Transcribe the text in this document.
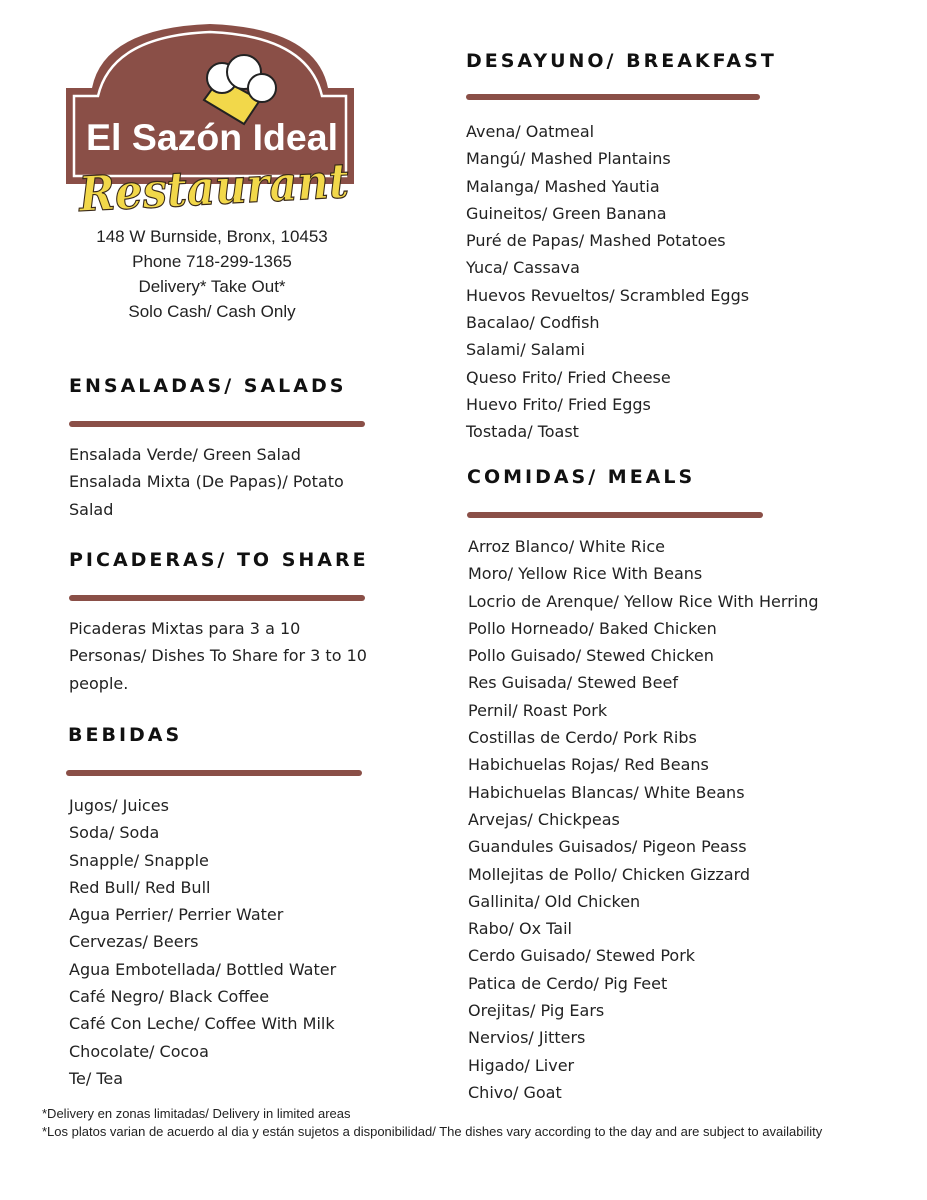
El Sazón Ideal
Restaurant
148 W Burnside, Bronx, 10453
Phone 718-299-1365
Delivery* Take Out*
Solo Cash/ Cash Only
ENSALADAS/ SALADS
Ensalada Verde/ Green Salad
Ensalada Mixta (De Papas)/ Potato Salad
PICADERAS/ TO SHARE

Picaderas Mixtas para 3 a 10 Personas/ Dishes To Share for 3 to 10 people.

BEBIDAS
Jugos/ Juices
Soda/ Soda
Snapple/ Snapple
Red Bull/ Red Bull
Agua Perrier/ Perrier Water
Cervezas/ Beers
Agua Embotellada/ Bottled Water
Café Negro/ Black Coffee
Café Con Leche/ Coffee With Milk
Chocolate/ Cocoa
Te/ Tea
DESAYUNO/ BREAKFAST
Avena/ Oatmeal
Mangú/ Mashed Plantains
Malanga/ Mashed Yautia
Guineitos/ Green Banana
Puré de Papas/ Mashed Potatoes
Yuca/ Cassava
Huevos Revueltos/ Scrambled Eggs
Bacalao/ Codfish
Salami/ Salami
Queso Frito/ Fried Cheese
Huevo Frito/ Fried Eggs
Tostada/ Toast
COMIDAS/ MEALS
Arroz Blanco/ White Rice
Moro/ Yellow Rice With Beans
Locrio de Arenque/ Yellow Rice With Herring
Pollo Horneado/ Baked Chicken
Pollo Guisado/ Stewed Chicken
Res Guisada/ Stewed Beef
Pernil/ Roast Pork
Costillas de Cerdo/ Pork Ribs
Habichuelas Rojas/ Red Beans
Habichuelas Blancas/ White Beans
Arvejas/ Chickpeas
Guandules Guisados/ Pigeon Peass
Mollejitas de Pollo/ Chicken Gizzard
Gallinita/ Old Chicken
Rabo/ Ox Tail
Cerdo Guisado/ Stewed Pork
Patica de Cerdo/ Pig Feet
Orejitas/ Pig Ears
Nervios/ Jitters
Higado/ Liver
Chivo/ Goat

*Delivery en zonas limitadas/ Delivery in limited areas

*Los platos varian de acuerdo al dia y están sujetos a disponibilidad/ The dishes vary according to the day and are subject to availability
